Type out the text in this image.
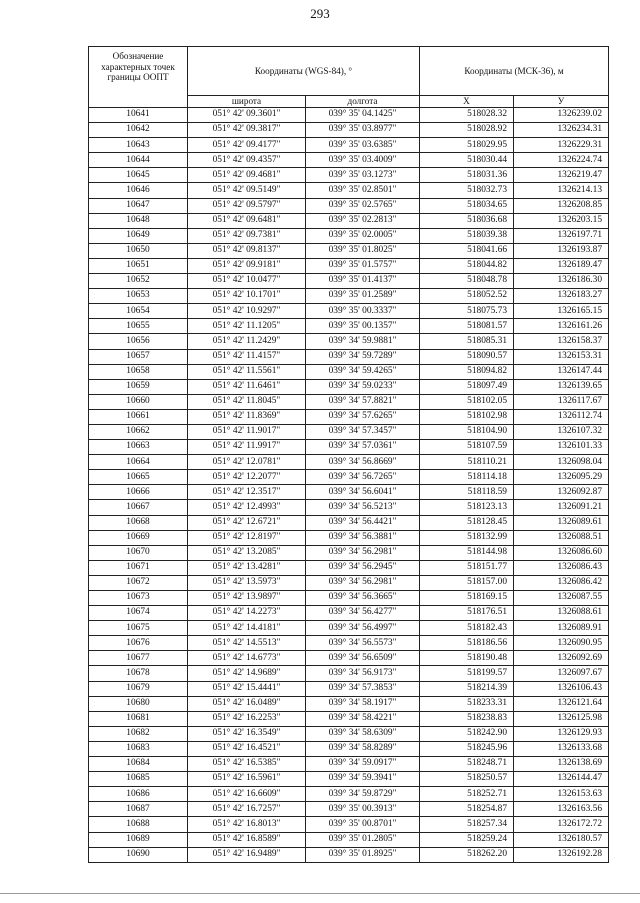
293
Обозначение характерных точек границы ООПТ	Координаты (WGS-84), °		Координаты (МСК-36), м	
	широта	долгота	X	У
10641	051° 42' 09.3601"	039° 35' 04.1425"	518028.32	1326239.02
10642	051° 42' 09.3817"	039° 35' 03.8977"	518028.92	1326234.31
10643	051° 42' 09.4177"	039° 35' 03.6385"	518029.95	1326229.31
10644	051° 42' 09.4357"	039° 35' 03.4009"	518030.44	1326224.74
10645	051° 42' 09.4681"	039° 35' 03.1273"	518031.36	1326219.47
10646	051° 42' 09.5149"	039° 35' 02.8501"	518032.73	1326214.13
10647	051° 42' 09.5797"	039° 35' 02.5765"	518034.65	1326208.85
10648	051° 42' 09.6481"	039° 35' 02.2813"	518036.68	1326203.15
10649	051° 42' 09.7381"	039° 35' 02.0005"	518039.38	1326197.71
10650	051° 42' 09.8137"	039° 35' 01.8025"	518041.66	1326193.87
10651	051° 42' 09.9181"	039° 35' 01.5757"	518044.82	1326189.47
10652	051° 42' 10.0477"	039° 35' 01.4137"	518048.78	1326186.30
10653	051° 42' 10.1701"	039° 35' 01.2589"	518052.52	1326183.27
10654	051° 42' 10.9297"	039° 35' 00.3337"	518075.73	1326165.15
10655	051° 42' 11.1205"	039° 35' 00.1357"	518081.57	1326161.26
10656	051° 42' 11.2429"	039° 34' 59.9881"	518085.31	1326158.37
10657	051° 42' 11.4157"	039° 34' 59.7289"	518090.57	1326153.31
10658	051° 42' 11.5561"	039° 34' 59.4265"	518094.82	1326147.44
10659	051° 42' 11.6461"	039° 34' 59.0233"	518097.49	1326139.65
10660	051° 42' 11.8045"	039° 34' 57.8821"	518102.05	1326117.67
10661	051° 42' 11.8369"	039° 34' 57.6265"	518102.98	1326112.74
10662	051° 42' 11.9017"	039° 34' 57.3457"	518104.90	1326107.32
10663	051° 42' 11.9917"	039° 34' 57.0361"	518107.59	1326101.33
10664	051° 42' 12.0781"	039° 34' 56.8669"	518110.21	1326098.04
10665	051° 42' 12.2077"	039° 34' 56.7265"	518114.18	1326095.29
10666	051° 42' 12.3517"	039° 34' 56.6041"	518118.59	1326092.87
10667	051° 42' 12.4993"	039° 34' 56.5213"	518123.13	1326091.21
10668	051° 42' 12.6721"	039° 34' 56.4421"	518128.45	1326089.61
10669	051° 42' 12.8197"	039° 34' 56.3881"	518132.99	1326088.51
10670	051° 42' 13.2085"	039° 34' 56.2981"	518144.98	1326086.60
10671	051° 42' 13.4281"	039° 34' 56.2945"	518151.77	1326086.43
10672	051° 42' 13.5973"	039° 34' 56.2981"	518157.00	1326086.42
10673	051° 42' 13.9897"	039° 34' 56.3665"	518169.15	1326087.55
10674	051° 42' 14.2273"	039° 34' 56.4277"	518176.51	1326088.61
10675	051° 42' 14.4181"	039° 34' 56.4997"	518182.43	1326089.91
10676	051° 42' 14.5513"	039° 34' 56.5573"	518186.56	1326090.95
10677	051° 42' 14.6773"	039° 34' 56.6509"	518190.48	1326092.69
10678	051° 42' 14.9689"	039° 34' 56.9173"	518199.57	1326097.67
10679	051° 42' 15.4441"	039° 34' 57.3853"	518214.39	1326106.43
10680	051° 42' 16.0489"	039° 34' 58.1917"	518233.31	1326121.64
10681	051° 42' 16.2253"	039° 34' 58.4221"	518238.83	1326125.98
10682	051° 42' 16.3549"	039° 34' 58.6309"	518242.90	1326129.93
10683	051° 42' 16.4521"	039° 34' 58.8289"	518245.96	1326133.68
10684	051° 42' 16.5385"	039° 34' 59.0917"	518248.71	1326138.69
10685	051° 42' 16.5961"	039° 34' 59.3941"	518250.57	1326144.47
10686	051° 42' 16.6609"	039° 34' 59.8729"	518252.71	1326153.63
10687	051° 42' 16.7257"	039° 35' 00.3913"	518254.87	1326163.56
10688	051° 42' 16.8013"	039° 35' 00.8701"	518257.34	1326172.72
10689	051° 42' 16.8589"	039° 35' 01.2805"	518259.24	1326180.57
10690	051° 42' 16.9489"	039° 35' 01.8925"	518262.20	1326192.28
